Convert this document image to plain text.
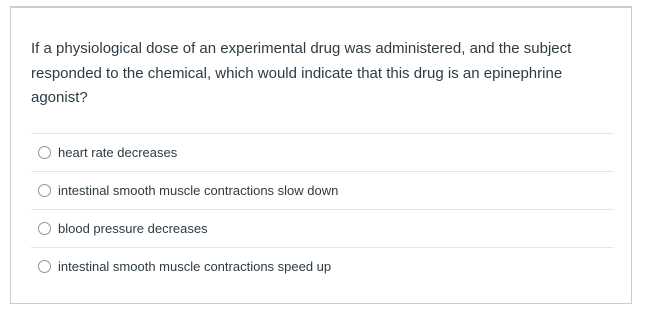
If a physiological dose of an experimental drug was administered, and the subject responded to the chemical, which would indicate that this drug is an epinephrine agonist?
heart rate decreases
intestinal smooth muscle contractions slow down
blood pressure decreases
intestinal smooth muscle contractions speed up
